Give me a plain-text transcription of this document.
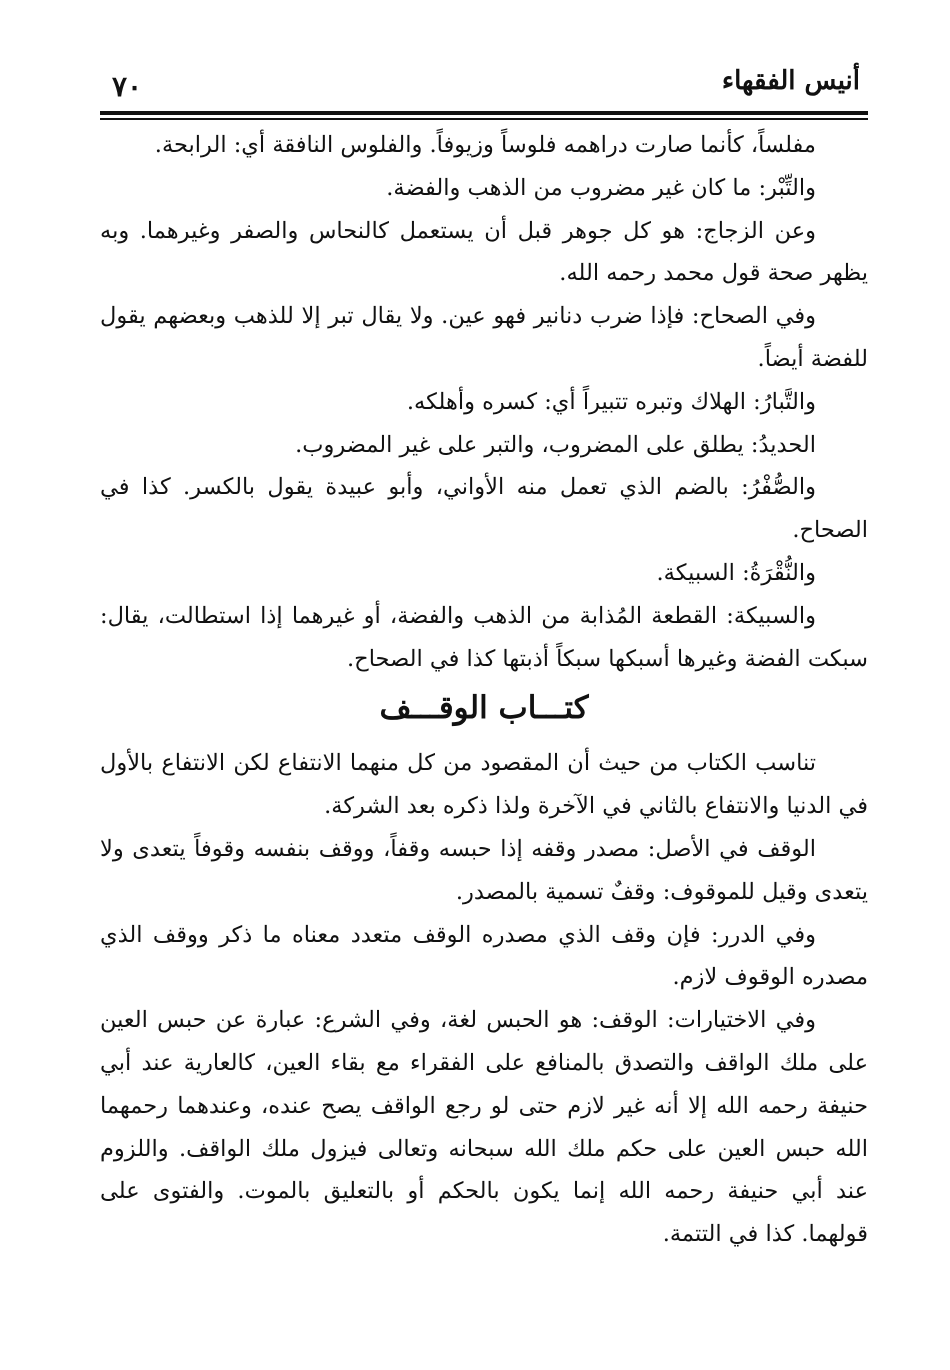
٧٠	أنيس الفقهاء

مفلساً، كأنما صارت دراهمه فلوساً وزيوفاً. والفلوس النافقة أي: الرابحة.

والتِّبْر: ما كان غير مضروب من الذهب والفضة.

وعن الزجاج: هو كل جوهر قبل أن يستعمل كالنحاس والصفر وغيرهما. وبه يظهر صحة قول محمد رحمه الله.

وفي الصحاح: فإذا ضرب دنانير فهو عين. ولا يقال تبر إلا للذهب وبعضهم يقول للفضة أيضاً.

والتَّبارُ: الهلاك وتبره تتبيراً أي: كسره وأهلكه.

الحديدُ: يطلق على المضروب، والتبر على غير المضروب.

والصُّفْرُ: بالضم الذي تعمل منه الأواني، وأبو عبيدة يقول بالكسر. كذا في الصحاح.

والنُّقْرَةُ: السبيكة.

والسبيكة: القطعة المُذابة من الذهب والفضة، أو غيرهما إذا استطالت، يقال: سبكت الفضة وغيرها أسبكها سبكاً أذبتها كذا في الصحاح.

كتـــاب الوقـــف

تناسب الكتاب من حيث أن المقصود من كل منهما الانتفاع لكن الانتفاع بالأول في الدنيا والانتفاع بالثاني في الآخرة ولذا ذكره بعد الشركة.

الوقف في الأصل: مصدر وقفه إذا حبسه وقفاً، ووقف بنفسه وقوفاً يتعدى ولا يتعدى وقيل للموقوف: وقفٌ تسمية بالمصدر.

وفي الدرر: فإن وقف الذي مصدره الوقف متعدد معناه ما ذكر ووقف الذي مصدره الوقوف لازم.

وفي الاختيارات: الوقف: هو الحبس لغة، وفي الشرع: عبارة عن حبس العين على ملك الواقف والتصدق بالمنافع على الفقراء مع بقاء العين، كالعارية عند أبي حنيفة رحمه الله إلا أنه غير لازم حتى لو رجع الواقف يصح عنده، وعندهما رحمهما الله حبس العين على حكم ملك الله سبحانه وتعالى فيزول ملك الواقف. واللزوم عند أبي حنيفة رحمه الله إنما يكون بالحكم أو بالتعليق بالموت. والفتوى على قولهما. كذا في التتمة.
